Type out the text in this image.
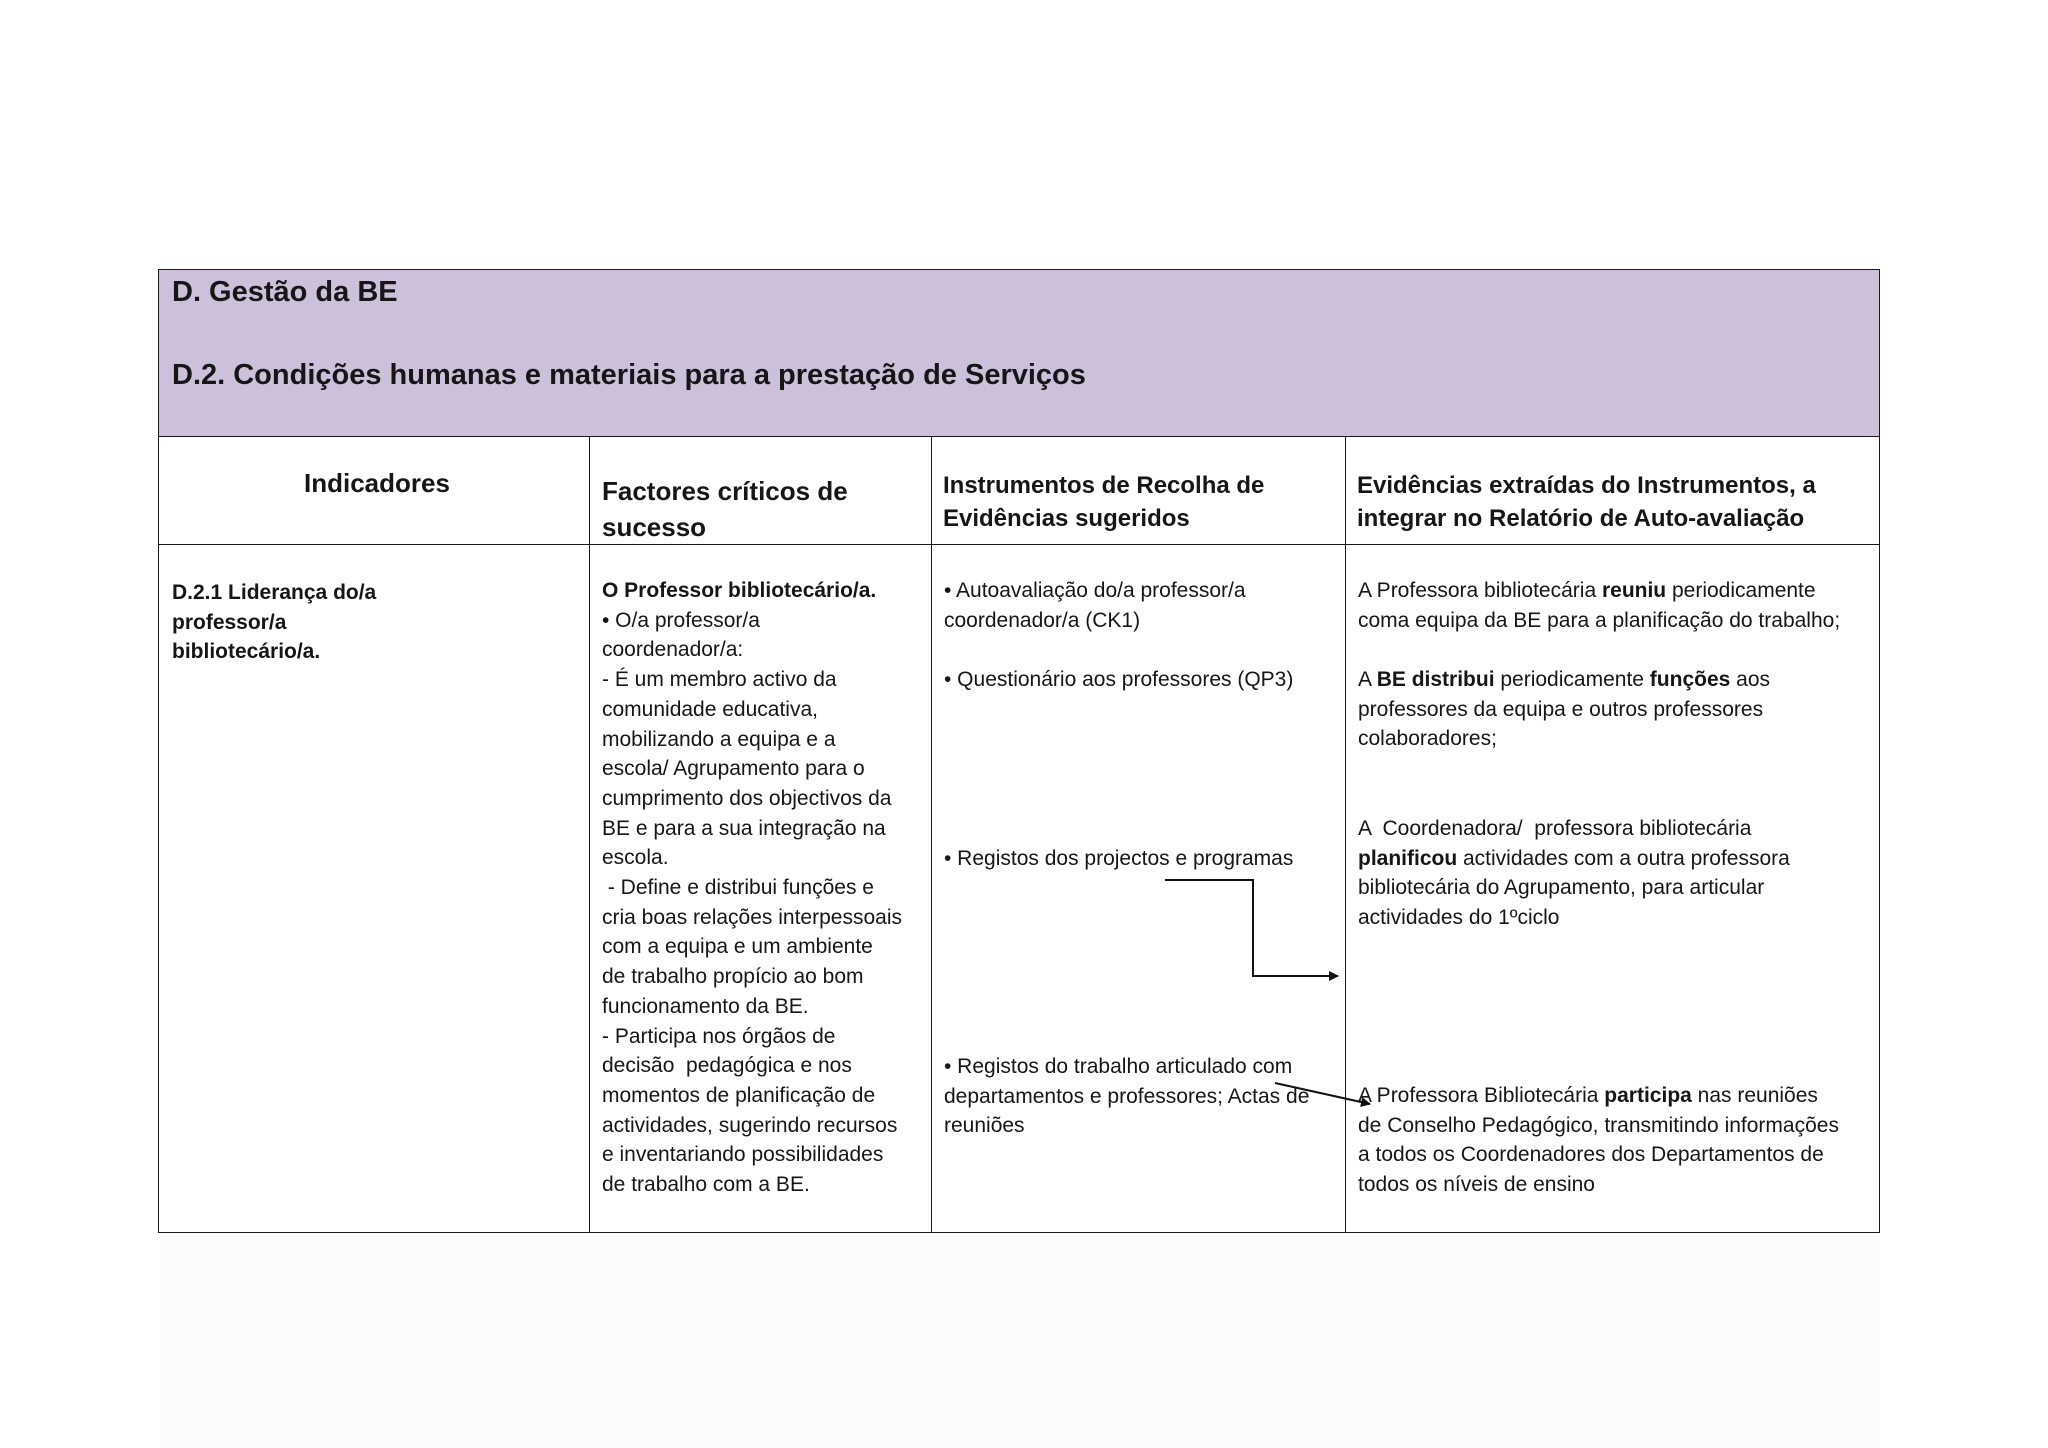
D. Gestão da BE
D.2. Condições humanas e materiais para a prestação de Serviços
Indicadores	Factores críticos de
sucesso
Instrumentos de Recolha de
Evidências sugeridos
Evidências extraídas do Instrumentos, a
integrar no Relatório de Auto-avaliação
D.2.1 Liderança do/a
professor/a
bibliotecário/a.
O Professor bibliotecário/a.
• O/a professor/a
coordenador/a:
- É um membro activo da
comunidade educativa,
mobilizando a equipa e a
escola/ Agrupamento para o
cumprimento dos objectivos da
BE e para a sua integração na
escola.
- Define e distribui funções e
cria boas relações interpessoais
com a equipa e um ambiente
de trabalho propício ao bom
funcionamento da BE.
- Participa nos órgãos de
decisão  pedagógica e nos
momentos de planificação de
actividades, sugerindo recursos
e inventariando possibilidades
de trabalho com a BE.
• Autoavaliação do/a professor/a
coordenador/a (CK1)
• Questionário aos professores (QP3)
• Registos dos projectos e programas
• Registos do trabalho articulado com
departamentos e professores; Actas de
reuniões
A Professora bibliotecária reuniu periodicamente
coma equipa da BE para a planificação do trabalho;
A BE distribui periodicamente funções aos
professores da equipa e outros professores
colaboradores;
A  Coordenadora/  professora bibliotecária
planificou actividades com a outra professora
bibliotecária do Agrupamento, para articular
actividades do 1ºciclo
A Professora Bibliotecária participa nas reuniões
de Conselho Pedagógico, transmitindo informações
a todos os Coordenadores dos Departamentos de
todos os níveis de ensino
